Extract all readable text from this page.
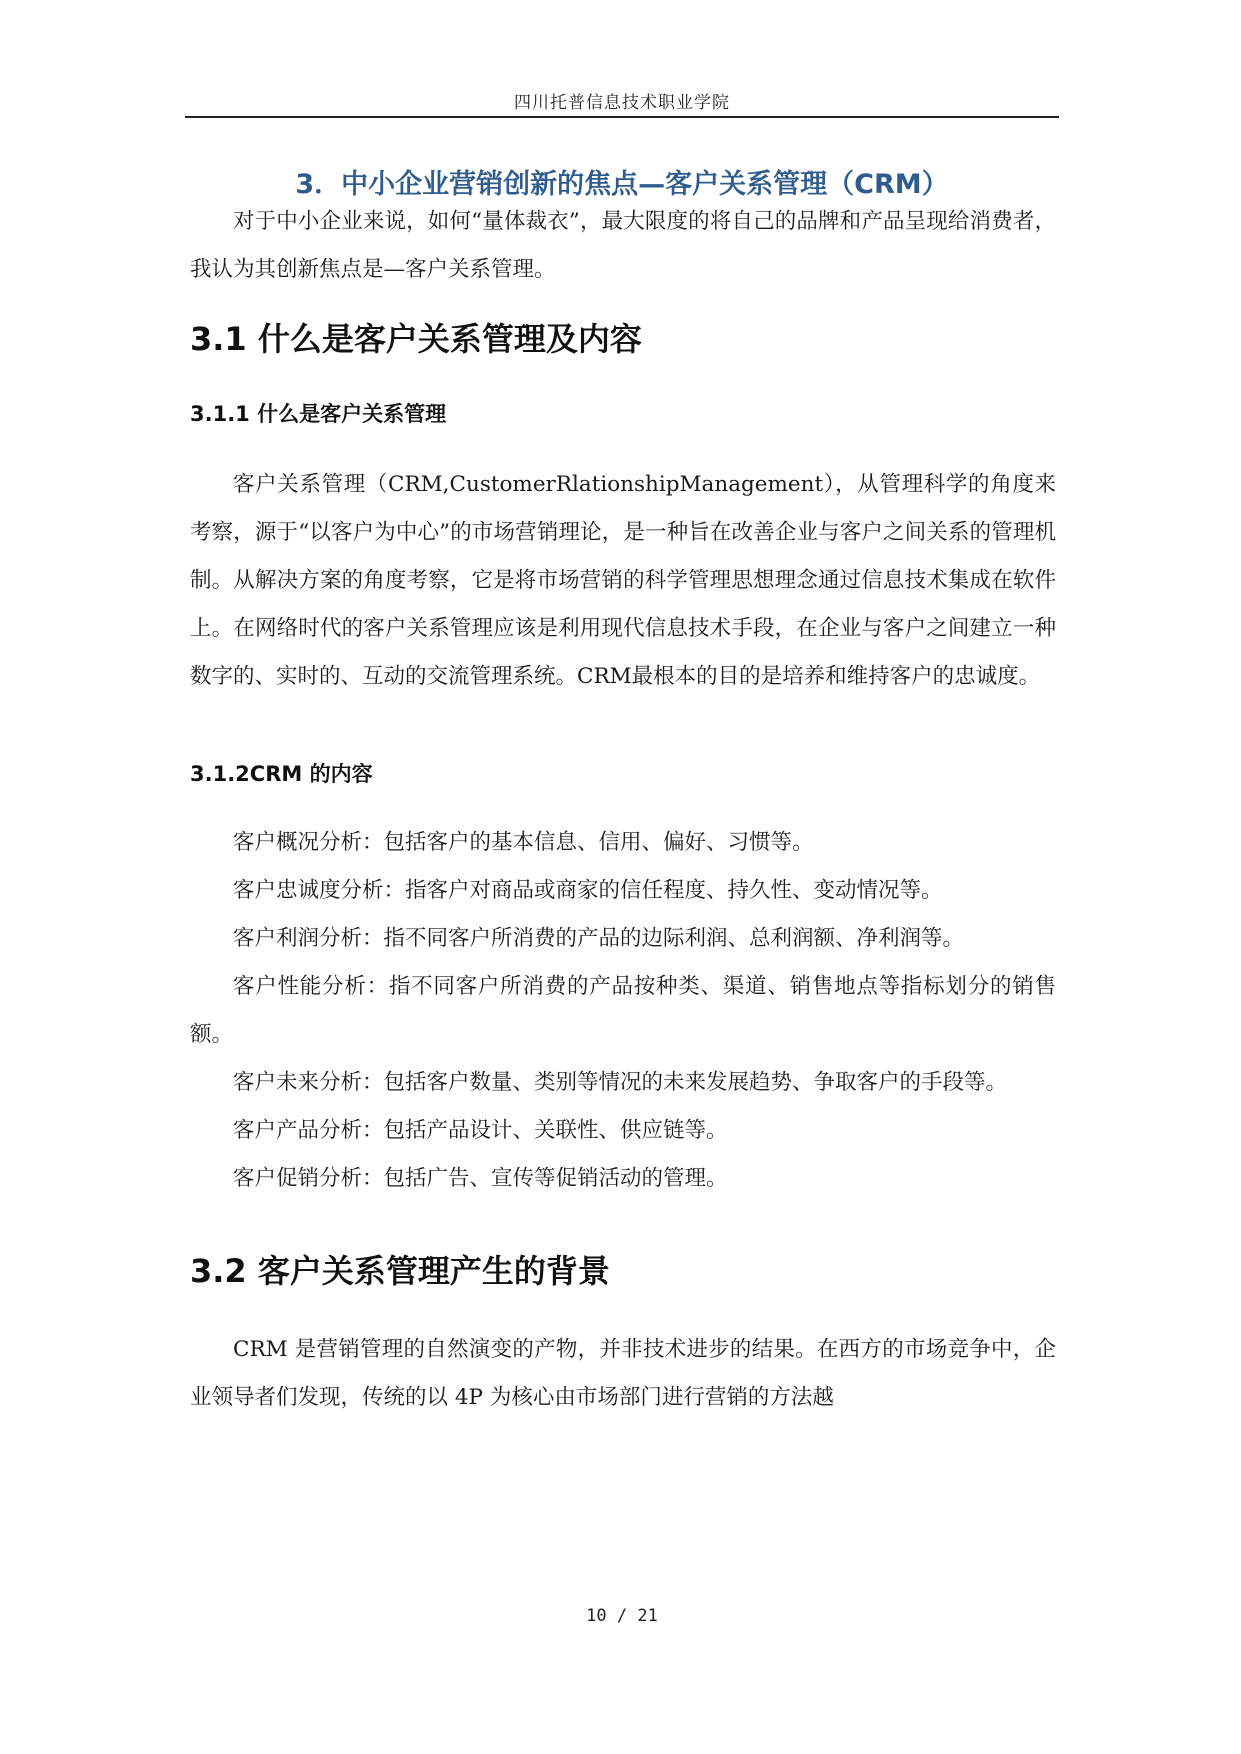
四川托普信息技术职业学院
3．中小企业营销创新的焦点—客户关系管理（CRM）

对于中小企业来说，如何“量体裁衣”，最大限度的将自己的品牌和产品呈现给消费者，我认为其创新焦点是—客户关系管理。

3.1 什么是客户关系管理及内容
3.1.1 什么是客户关系管理

客户关系管理（CRM,CustomerRlationshipManagement），从管理科学的角度来考察，源于“以客户为中心”的市场营销理论，是一种旨在改善企业与客户之间关系的管理机制。从解决方案的角度考察，它是将市场营销的科学管理思想理念通过信息技术集成在软件上。在网络时代的客户关系管理应该是利用现代信息技术手段，在企业与客户之间建立一种数字的、实时的、互动的交流管理系统。CRM最根本的目的是培养和维持客户的忠诚度。

3.1.2CRM 的内容

客户概况分析：包括客户的基本信息、信用、偏好、习惯等。

客户忠诚度分析：指客户对商品或商家的信任程度、持久性、变动情况等。

客户利润分析：指不同客户所消费的产品的边际利润、总利润额、净利润等。

客户性能分析：指不同客户所消费的产品按种类、渠道、销售地点等指标划分的销售额。

客户未来分析：包括客户数量、类别等情况的未来发展趋势、争取客户的手段等。

客户产品分析：包括产品设计、关联性、供应链等。

客户促销分析：包括广告、宣传等促销活动的管理。

3.2 客户关系管理产生的背景

CRM 是营销管理的自然演变的产物，并非技术进步的结果。在西方的市场竞争中，企业领导者们发现，传统的以 4P 为核心由市场部门进行营销的方法越

10 / 21
